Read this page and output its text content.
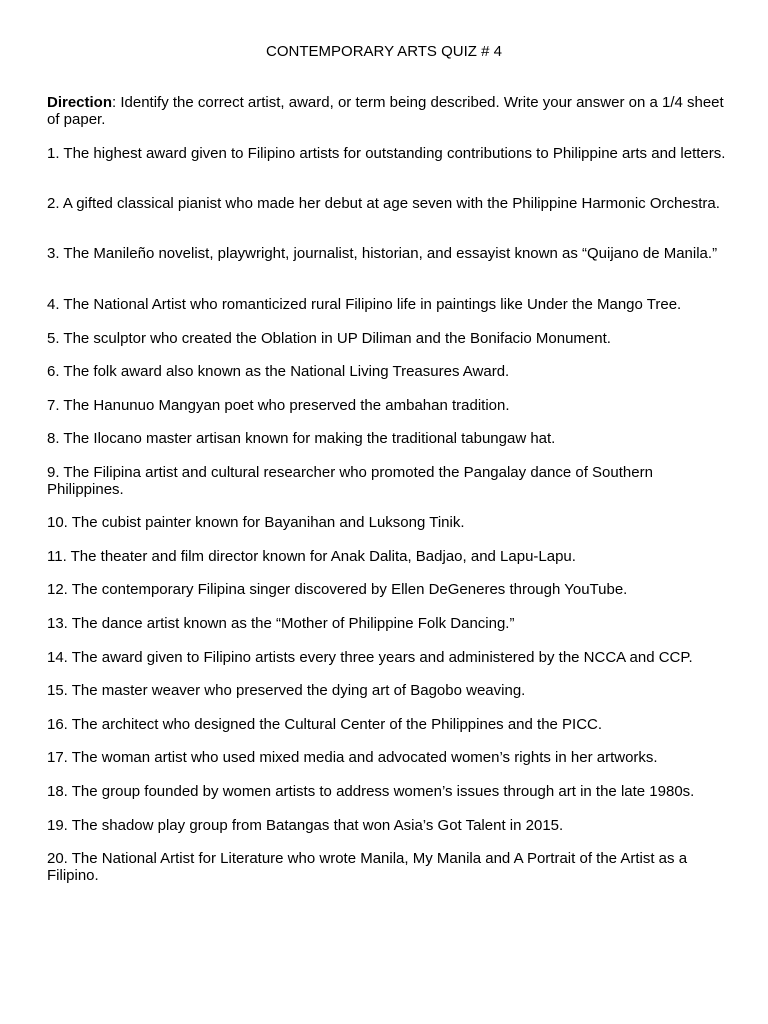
CONTEMPORARY ARTS QUIZ # 4
Direction: Identify the correct artist, award, or term being described. Write your answer on a 1/4 sheet of paper.
1. The highest award given to Filipino artists for outstanding contributions to Philippine arts and letters.
2. A gifted classical pianist who made her debut at age seven with the Philippine Harmonic Orchestra.
3. The Manileño novelist, playwright, journalist, historian, and essayist known as “Quijano de Manila.”
4. The National Artist who romanticized rural Filipino life in paintings like Under the Mango Tree.
5. The sculptor who created the Oblation in UP Diliman and the Bonifacio Monument.
6. The folk award also known as the National Living Treasures Award.
7. The Hanunuo Mangyan poet who preserved the ambahan tradition.
8. The Ilocano master artisan known for making the traditional tabungaw hat.
9. The Filipina artist and cultural researcher who promoted the Pangalay dance of Southern Philippines.
10. The cubist painter known for Bayanihan and Luksong Tinik.
11. The theater and film director known for Anak Dalita, Badjao, and Lapu-Lapu.
12. The contemporary Filipina singer discovered by Ellen DeGeneres through YouTube.
13. The dance artist known as the “Mother of Philippine Folk Dancing.”
14. The award given to Filipino artists every three years and administered by the NCCA and CCP.
15. The master weaver who preserved the dying art of Bagobo weaving.
16. The architect who designed the Cultural Center of the Philippines and the PICC.
17. The woman artist who used mixed media and advocated women’s rights in her artworks.
18. The group founded by women artists to address women’s issues through art in the late 1980s.
19. The shadow play group from Batangas that won Asia’s Got Talent in 2015.
20. The National Artist for Literature who wrote Manila, My Manila and A Portrait of the Artist as a Filipino.
